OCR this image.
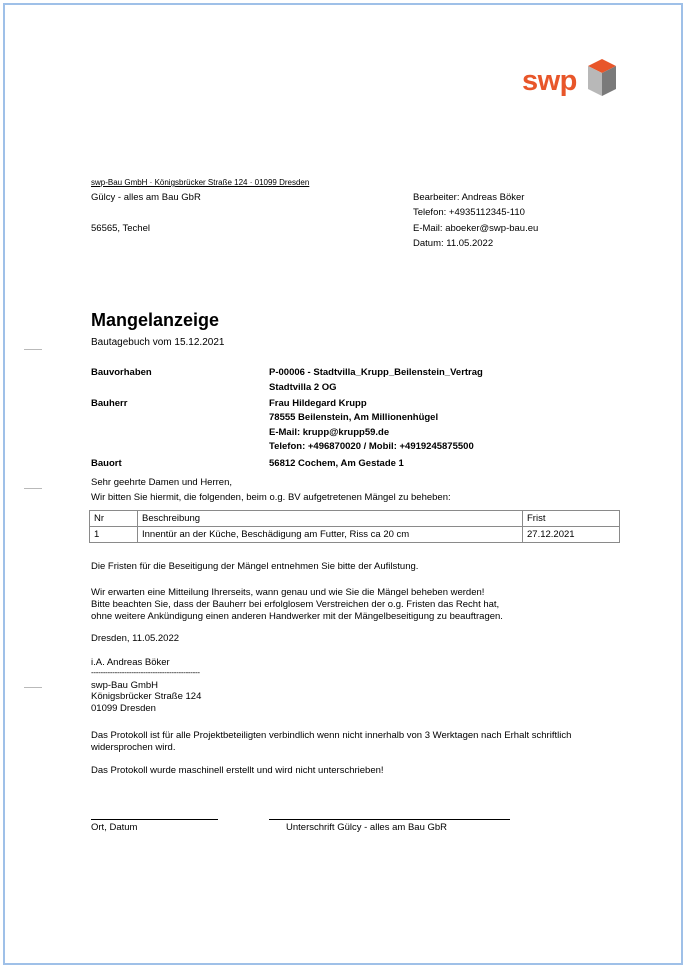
swp
swp-Bau GmbH · Königsbrücker Straße 124 · 01099 Dresden
Gülcy - alles am Bau GbR
56565, Techel
Bearbeiter: Andreas Böker
Telefon: +4935112345-110
E-Mail: aboeker@swp-bau.eu
Datum: 11.05.2022
Mangelanzeige
Bautagebuch vom 15.12.2021
Bauvorhaben	P-00006 - Stadtvilla_Krupp_Beilenstein_Vertrag
Stadtvilla 2 OG
Bauherr	Frau Hildegard Krupp
78555 Beilenstein, Am Millionenhügel
E-Mail: krupp@krupp59.de
Telefon: +496870020 / Mobil: +4919245875500
Bauort	56812 Cochem, Am Gestade 1
Sehr geehrte Damen und Herren,
Wir bitten Sie hiermit, die folgenden, beim o.g. BV aufgetretenen Mängel zu beheben:
Nr	Beschreibung	Frist
1	Innentür an der Küche, Beschädigung am Futter, Riss ca 20 cm	27.12.2021
Die Fristen für die Beseitigung der Mängel entnehmen Sie bitte der Aufilstung.
Wir erwarten eine Mitteilung Ihrerseits, wann genau und wie Sie die Mängel beheben werden!
Bitte beachten Sie, dass der Bauherr bei erfolglosem Verstreichen der o.g. Fristen das Recht hat,
ohne weitere Ankündigung einen anderen Handwerker mit der Mängelbeseitigung zu beauftragen.
Dresden, 11.05.2022
i.A. Andreas Böker
----------------------------------------------
swp-Bau GmbH
Königsbrücker Straße 124
01099 Dresden
Das Protokoll ist für alle Projektbeteiligten verbindlich wenn nicht innerhalb von 3 Werktagen nach Erhalt schriftlich
widersprochen wird.
Das Protokoll wurde maschinell erstellt und wird nicht unterschrieben!
Ort, Datum	Unterschrift Gülcy - alles am Bau GbR
